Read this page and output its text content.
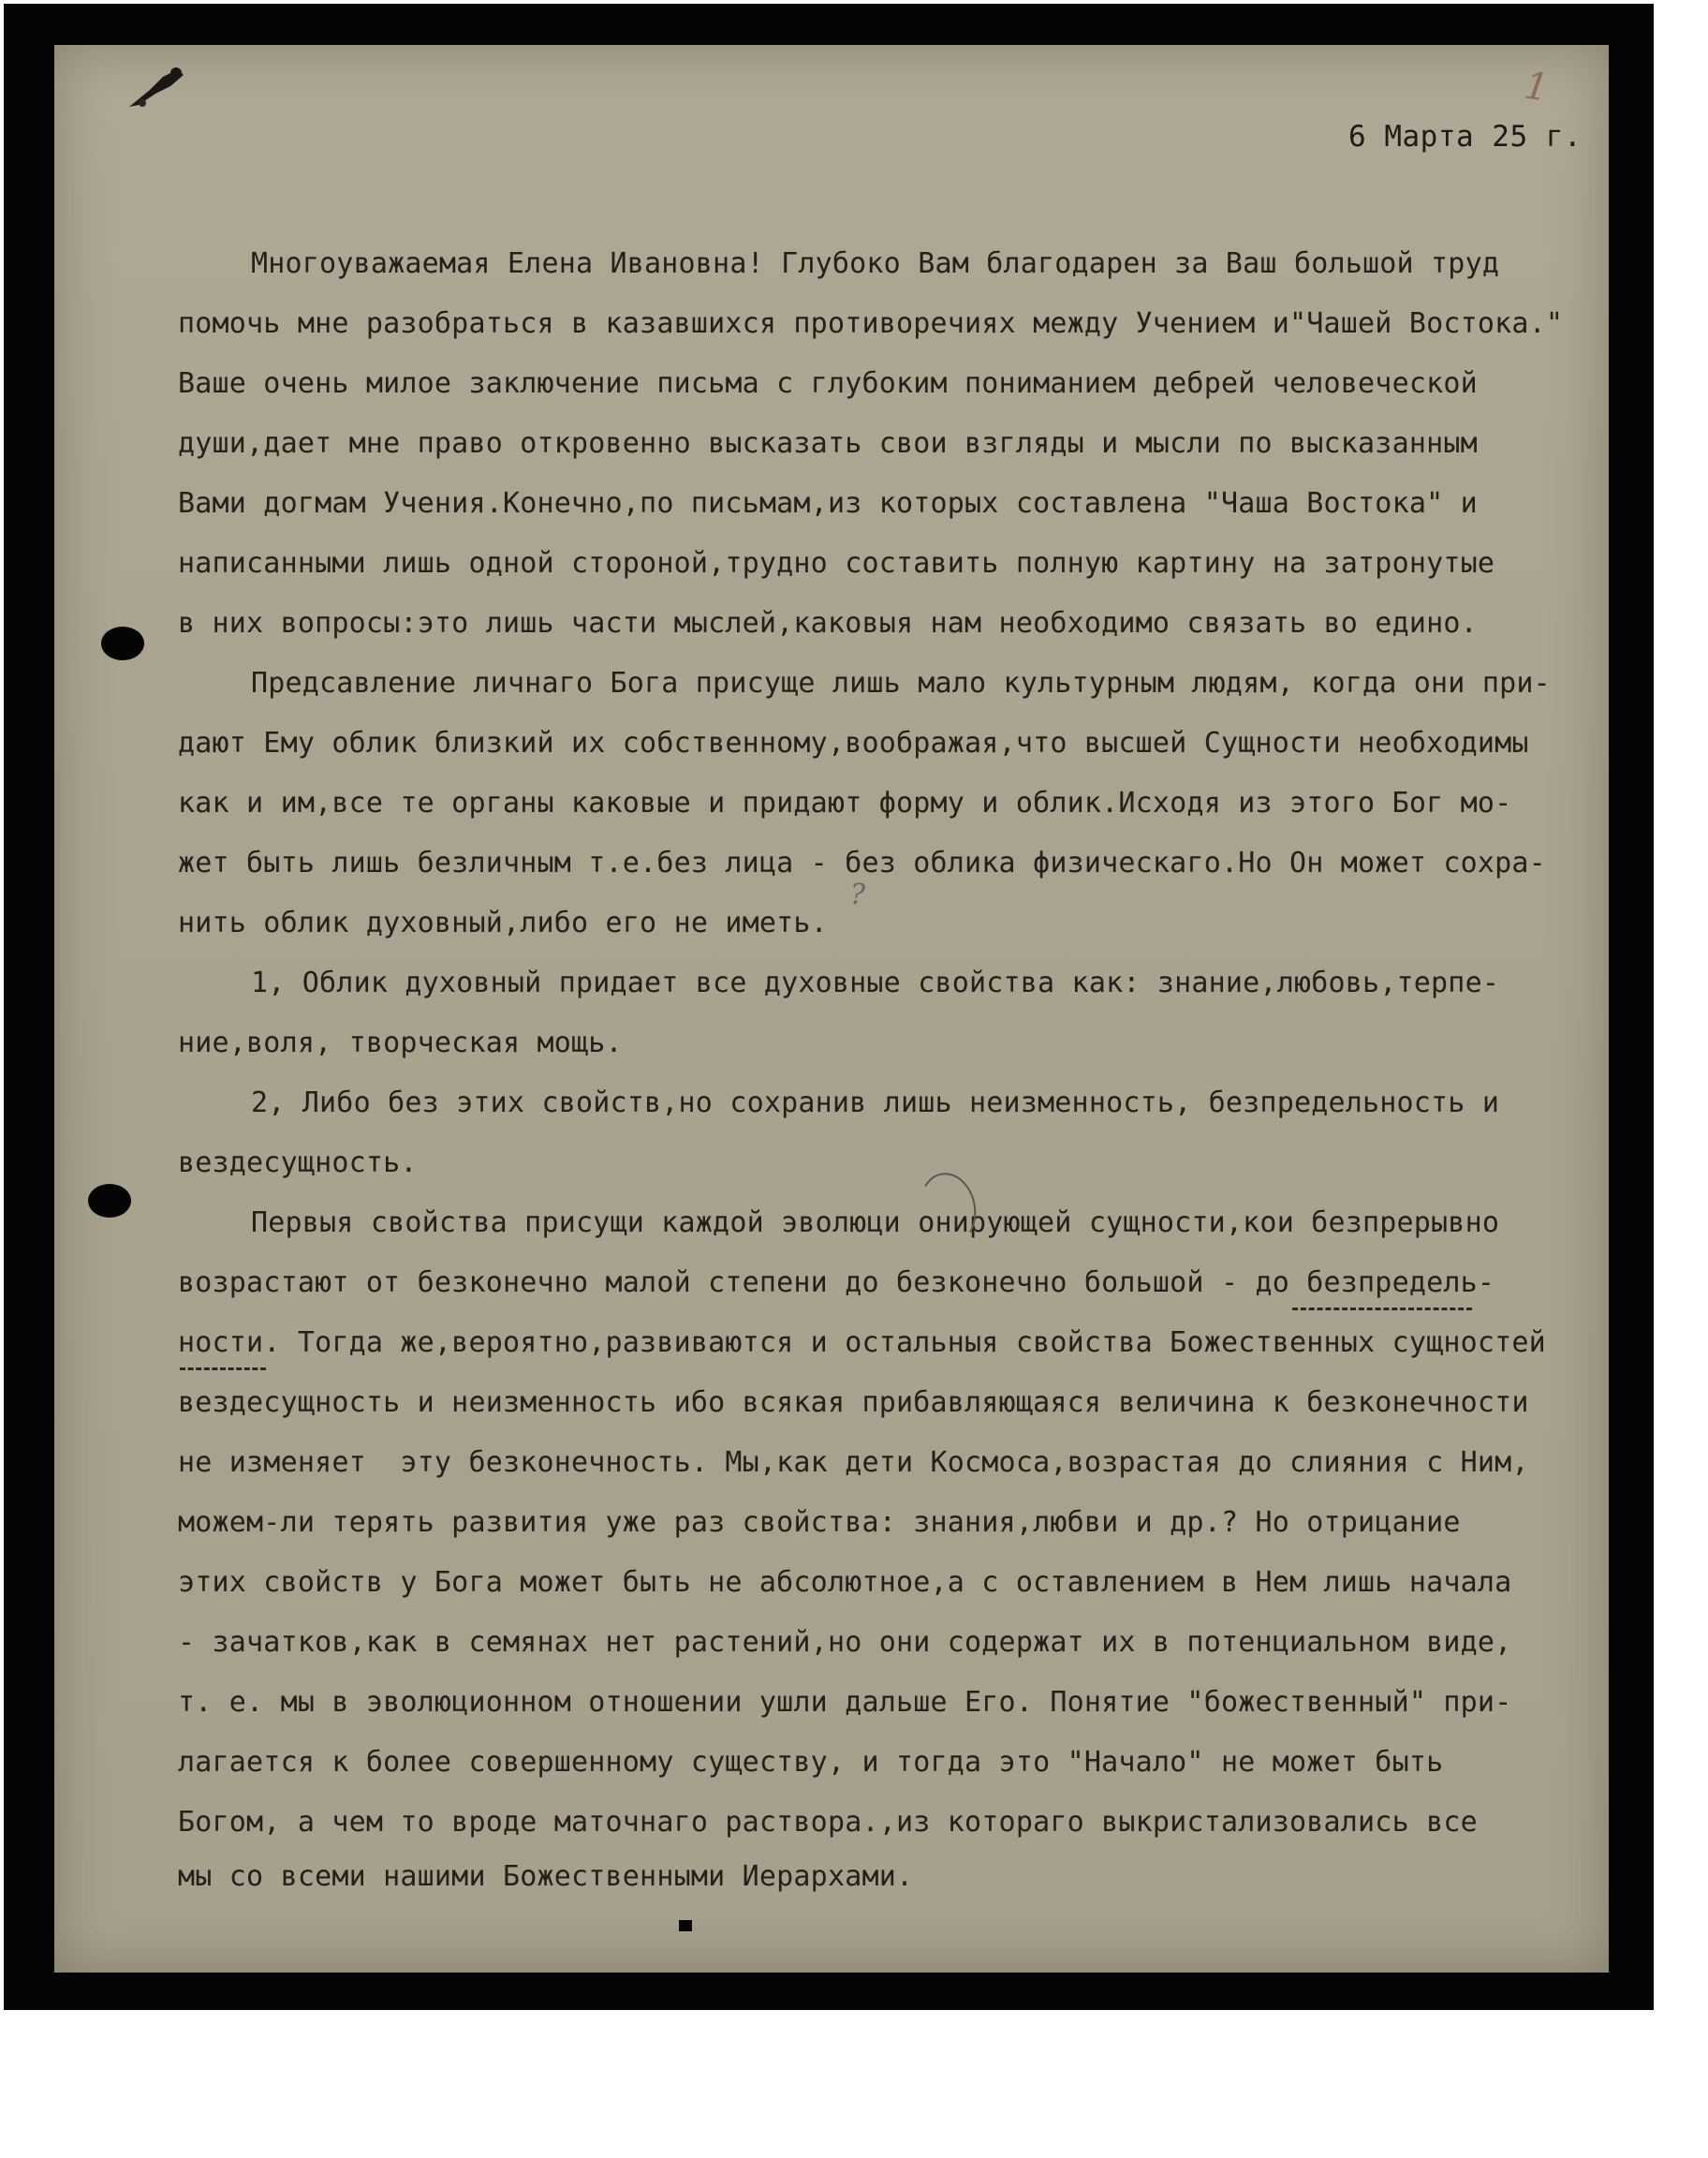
1
6 Марта 25 г.
Многоуважаемая Елена Ивановна! Глубоко Вам благодарен за Ваш большой труд
помочь мне разобраться в казавшихся противоречиях между Учением и"Чашей Востока."
Ваше очень милое заключение письма с глубоким пониманием дебрей человеческой
души,дает мне право откровенно высказать свои взгляды и мысли по высказанным
Вами догмам Учения.Конечно,по письмам,из которых составлена "Чаша Востока" и
написанными лишь одной стороной,трудно составить полную картину на затронутые
в них вопросы:это лишь части мыслей,каковыя нам необходимо связать во едино.
Предсавление личнаго Бога присуще лишь мало культурным людям, когда они при-
дают Ему облик близкий их собственному,воображая,что высшей Сущности необходимы
как и им,все те органы каковые и придают форму и облик.Исходя из этого Бог мо-
жет быть лишь безличным т.е.без лица - без облика физическаго.Но Он может сохра-
нить облик духовный,либо его не иметь.
1, Облик духовный придает все духовные свойства как: знание,любовь,терпе-
ние,воля, творческая мощь.
2, Либо без этих свойств,но сохранив лишь неизменность, безпредельность и
вездесущность.
Первыя свойства присущи каждой эволюци онирующей сущности,кои безпрерывно
возрастают от безконечно малой степени до безконечно большой - до безпредель-
ности. Тогда же,вероятно,развиваются и остальныя свойства Божественных сущностей
вездесущность и неизменность ибо всякая прибавляющаяся величина к безконечности
не изменяет  эту безконечность. Мы,как дети Космоса,возрастая до слияния с Ним,
можем-ли терять развития уже раз свойства: знания,любви и др.? Но отрицание
этих свойств у Бога может быть не абсолютное,а с оставлением в Нем лишь начала
- зачатков,как в семянах нет растений,но они содержат их в потенциальном виде,
т. е. мы в эволюционном отношении ушли дальше Его. Понятие "божественный" при-
лагается к более совершенному существу, и тогда это "Начало" не может быть
Богом, а чем то вроде маточнаго раствора.,из котораго выкристализовались все
мы со всеми нашими Божественными Иерархами.
?
